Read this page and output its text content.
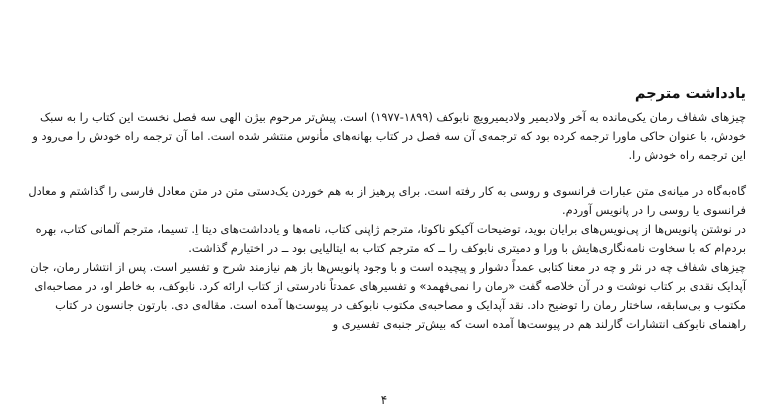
یادداشت مترجم

چیزهای شفاف رمان یکی‌مانده به آخر ولادیمیر ولادیمیرویچ نابوکف (۱۸۹۹-۱۹۷۷) است. پیش‌تر مرحوم بیژن الهی سه فصل نخست این کتاب را به سبک خودش، با عنوان حاکی ماورا ترجمه کرده بود که ترجمه‌ی آن سه فصل در کتاب بهانه‌های مأنوس منتشر شده است. اما آن ترجمه راه خودش را می‌رود و این ترجمه راه خودش را.

گاه‌به‌گاه در میانه‌ی متن عبارات فرانسوی و روسی به کار رفته است. برای پرهیز از به هم خوردن یک‌دستی متن در متن معادل فارسی را گذاشتم و معادل فرانسوی یا روسی را در پانویس آوردم.

در نوشتن پانویس‌ها از پی‌نویس‌های برایان بوید، توضیحات آکیکو ناکوتا، مترجم ژاپنی کتاب، نامه‌ها و یادداشت‌های دیتا اِ. تسیما، مترجم آلمانی کتاب، بهره بردم‌ام که با سخاوت نامه‌نگاری‌هایش با ورا و دمیتری نابوکف را ــ که مترجم کتاب به ایتالیایی بود ــ در اختیارم گذاشت.

چیزهای شفاف چه در نثر و چه در معنا کتابی عمداً دشوار و پیچیده است و با وجود پانویس‌ها باز هم نیازمند شرح و تفسیر است. پس از انتشار رمان، جان آپدایک نقدی بر کتاب نوشت و در آن خلاصه گفت «رمان را نمی‌فهمد» و تفسیرهای عمدتاً نادرستی از کتاب ارائه کرد. نابوکف، به خاطر او، در مصاحبه‌ای مکتوب و بی‌سابقه، ساختار رمان را توضیح داد. نقد آپدایک و مصاحبه‌ی مکتوب نابوکف در پیوست‌ها آمده است. مقاله‌ی دی. بارتون جانسون در کتاب راهنمای نابوکف انتشارات گارلند هم در پیوست‌ها آمده است که بیش‌تر جنبه‌ی تفسیری و

۴
